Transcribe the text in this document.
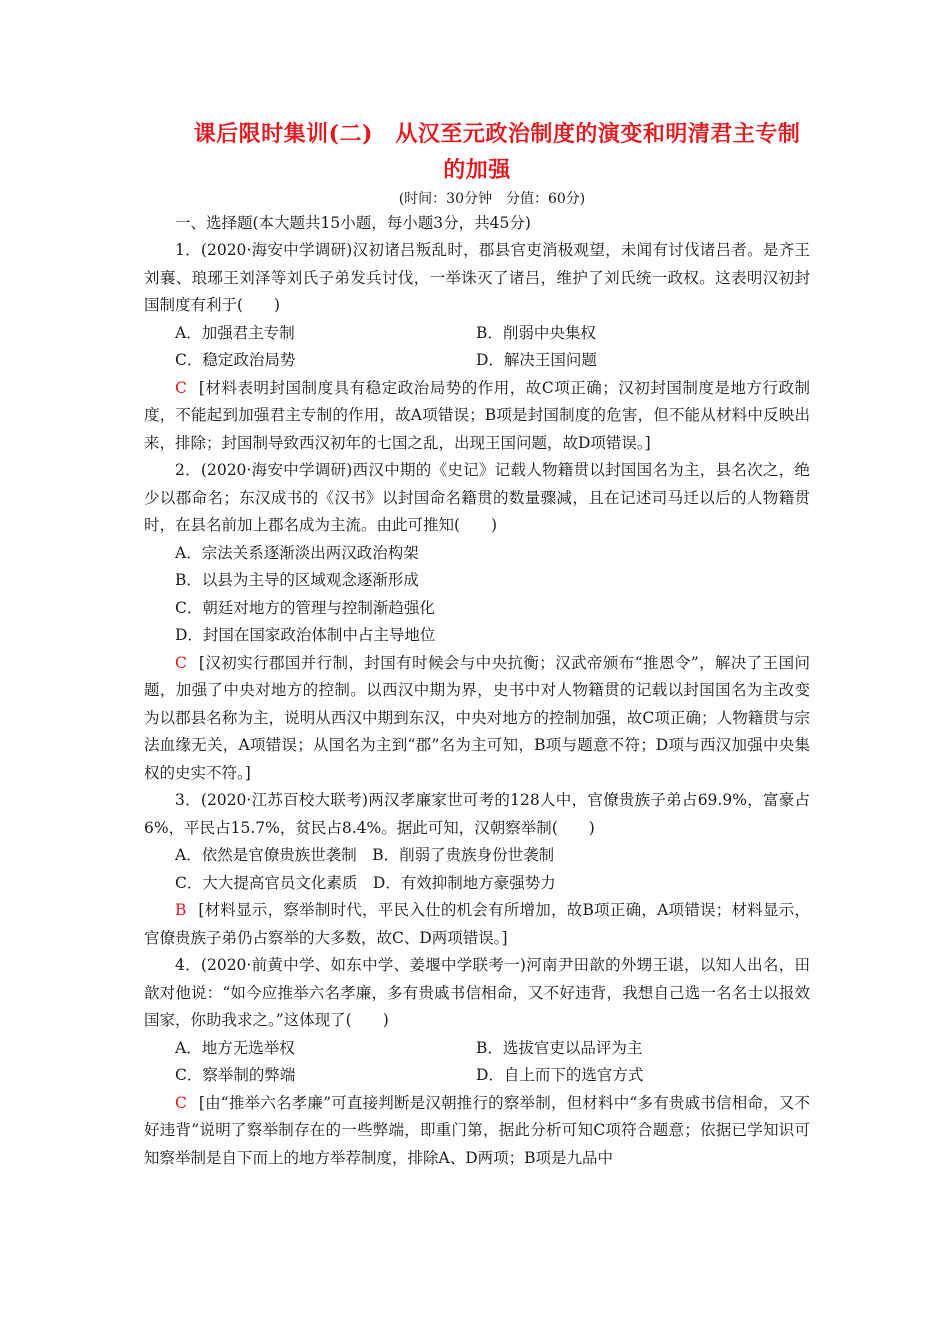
课后限时集训(二)　从汉至元政治制度的演变和明清君主专制
的加强

(时间：30分钟　分值：60分)

一、选择题(本大题共15小题，每小题3分，共45分)

1．(2020·海安中学调研)汉初诸吕叛乱时，郡县官吏消极观望，未闻有讨伐诸吕者。是齐王刘襄、琅琊王刘泽等刘氏子弟发兵讨伐，一举诛灭了诸吕，维护了刘氏统一政权。这表明汉初封国制度有利于(　　)

A．加强君主专制	B．削弱中央集权
C．稳定政治局势	D．解决王国问题

C [材料表明封国制度具有稳定政治局势的作用，故C项正确；汉初封国制度是地方行政制度，不能起到加强君主专制的作用，故A项错误；B项是封国制度的危害，但不能从材料中反映出来，排除；封国制导致西汉初年的七国之乱，出现王国问题，故D项错误。]

2．(2020·海安中学调研)西汉中期的《史记》记载人物籍贯以封国国名为主，县名次之，绝少以郡命名；东汉成书的《汉书》以封国命名籍贯的数量骤减，且在记述司马迁以后的人物籍贯时，在县名前加上郡名成为主流。由此可推知(　　)

A．宗法关系逐渐淡出两汉政治构架

B．以县为主导的区域观念逐渐形成

C．朝廷对地方的管理与控制渐趋强化

D．封国在国家政治体制中占主导地位

C [汉初实行郡国并行制，封国有时候会与中央抗衡；汉武帝颁布“推恩令”，解决了王国问题，加强了中央对地方的控制。以西汉中期为界，史书中对人物籍贯的记载以封国国名为主改变为以郡县名称为主，说明从西汉中期到东汉，中央对地方的控制加强，故C项正确；人物籍贯与宗法血缘无关，A项错误；从国名为主到“郡”名为主可知，B项与题意不符；D项与西汉加强中央集权的史实不符。]

3．(2020·江苏百校大联考)两汉孝廉家世可考的128人中，官僚贵族子弟占69.9%，富豪占6%，平民占15.7%，贫民占8.4%。据此可知，汉朝察举制(　　)

A．依然是官僚贵族世袭制　B．削弱了贵族身份世袭制

C．大大提高官员文化素质　D．有效抑制地方豪强势力

B [材料显示，察举制时代，平民入仕的机会有所增加，故B项正确，A项错误；材料显示，官僚贵族子弟仍占察举的大多数，故C、D两项错误。]

4．(2020·前黄中学、如东中学、姜堰中学联考一)河南尹田歆的外甥王谌，以知人出名，田歆对他说：“如今应推举六名孝廉，多有贵戚书信相命，又不好违背，我想自己选一名名士以报效国家，你助我求之。”这体现了(　　)

A．地方无选举权	B．选拔官吏以品评为主
C．察举制的弊端	D．自上而下的选官方式

C [由“推举六名孝廉”可直接判断是汉朝推行的察举制，但材料中“多有贵戚书信相命，又不好违背”说明了察举制存在的一些弊端，即重门第，据此分析可知C项符合题意；依据已学知识可知察举制是自下而上的地方举荐制度，排除A、D两项；B项是九品中
